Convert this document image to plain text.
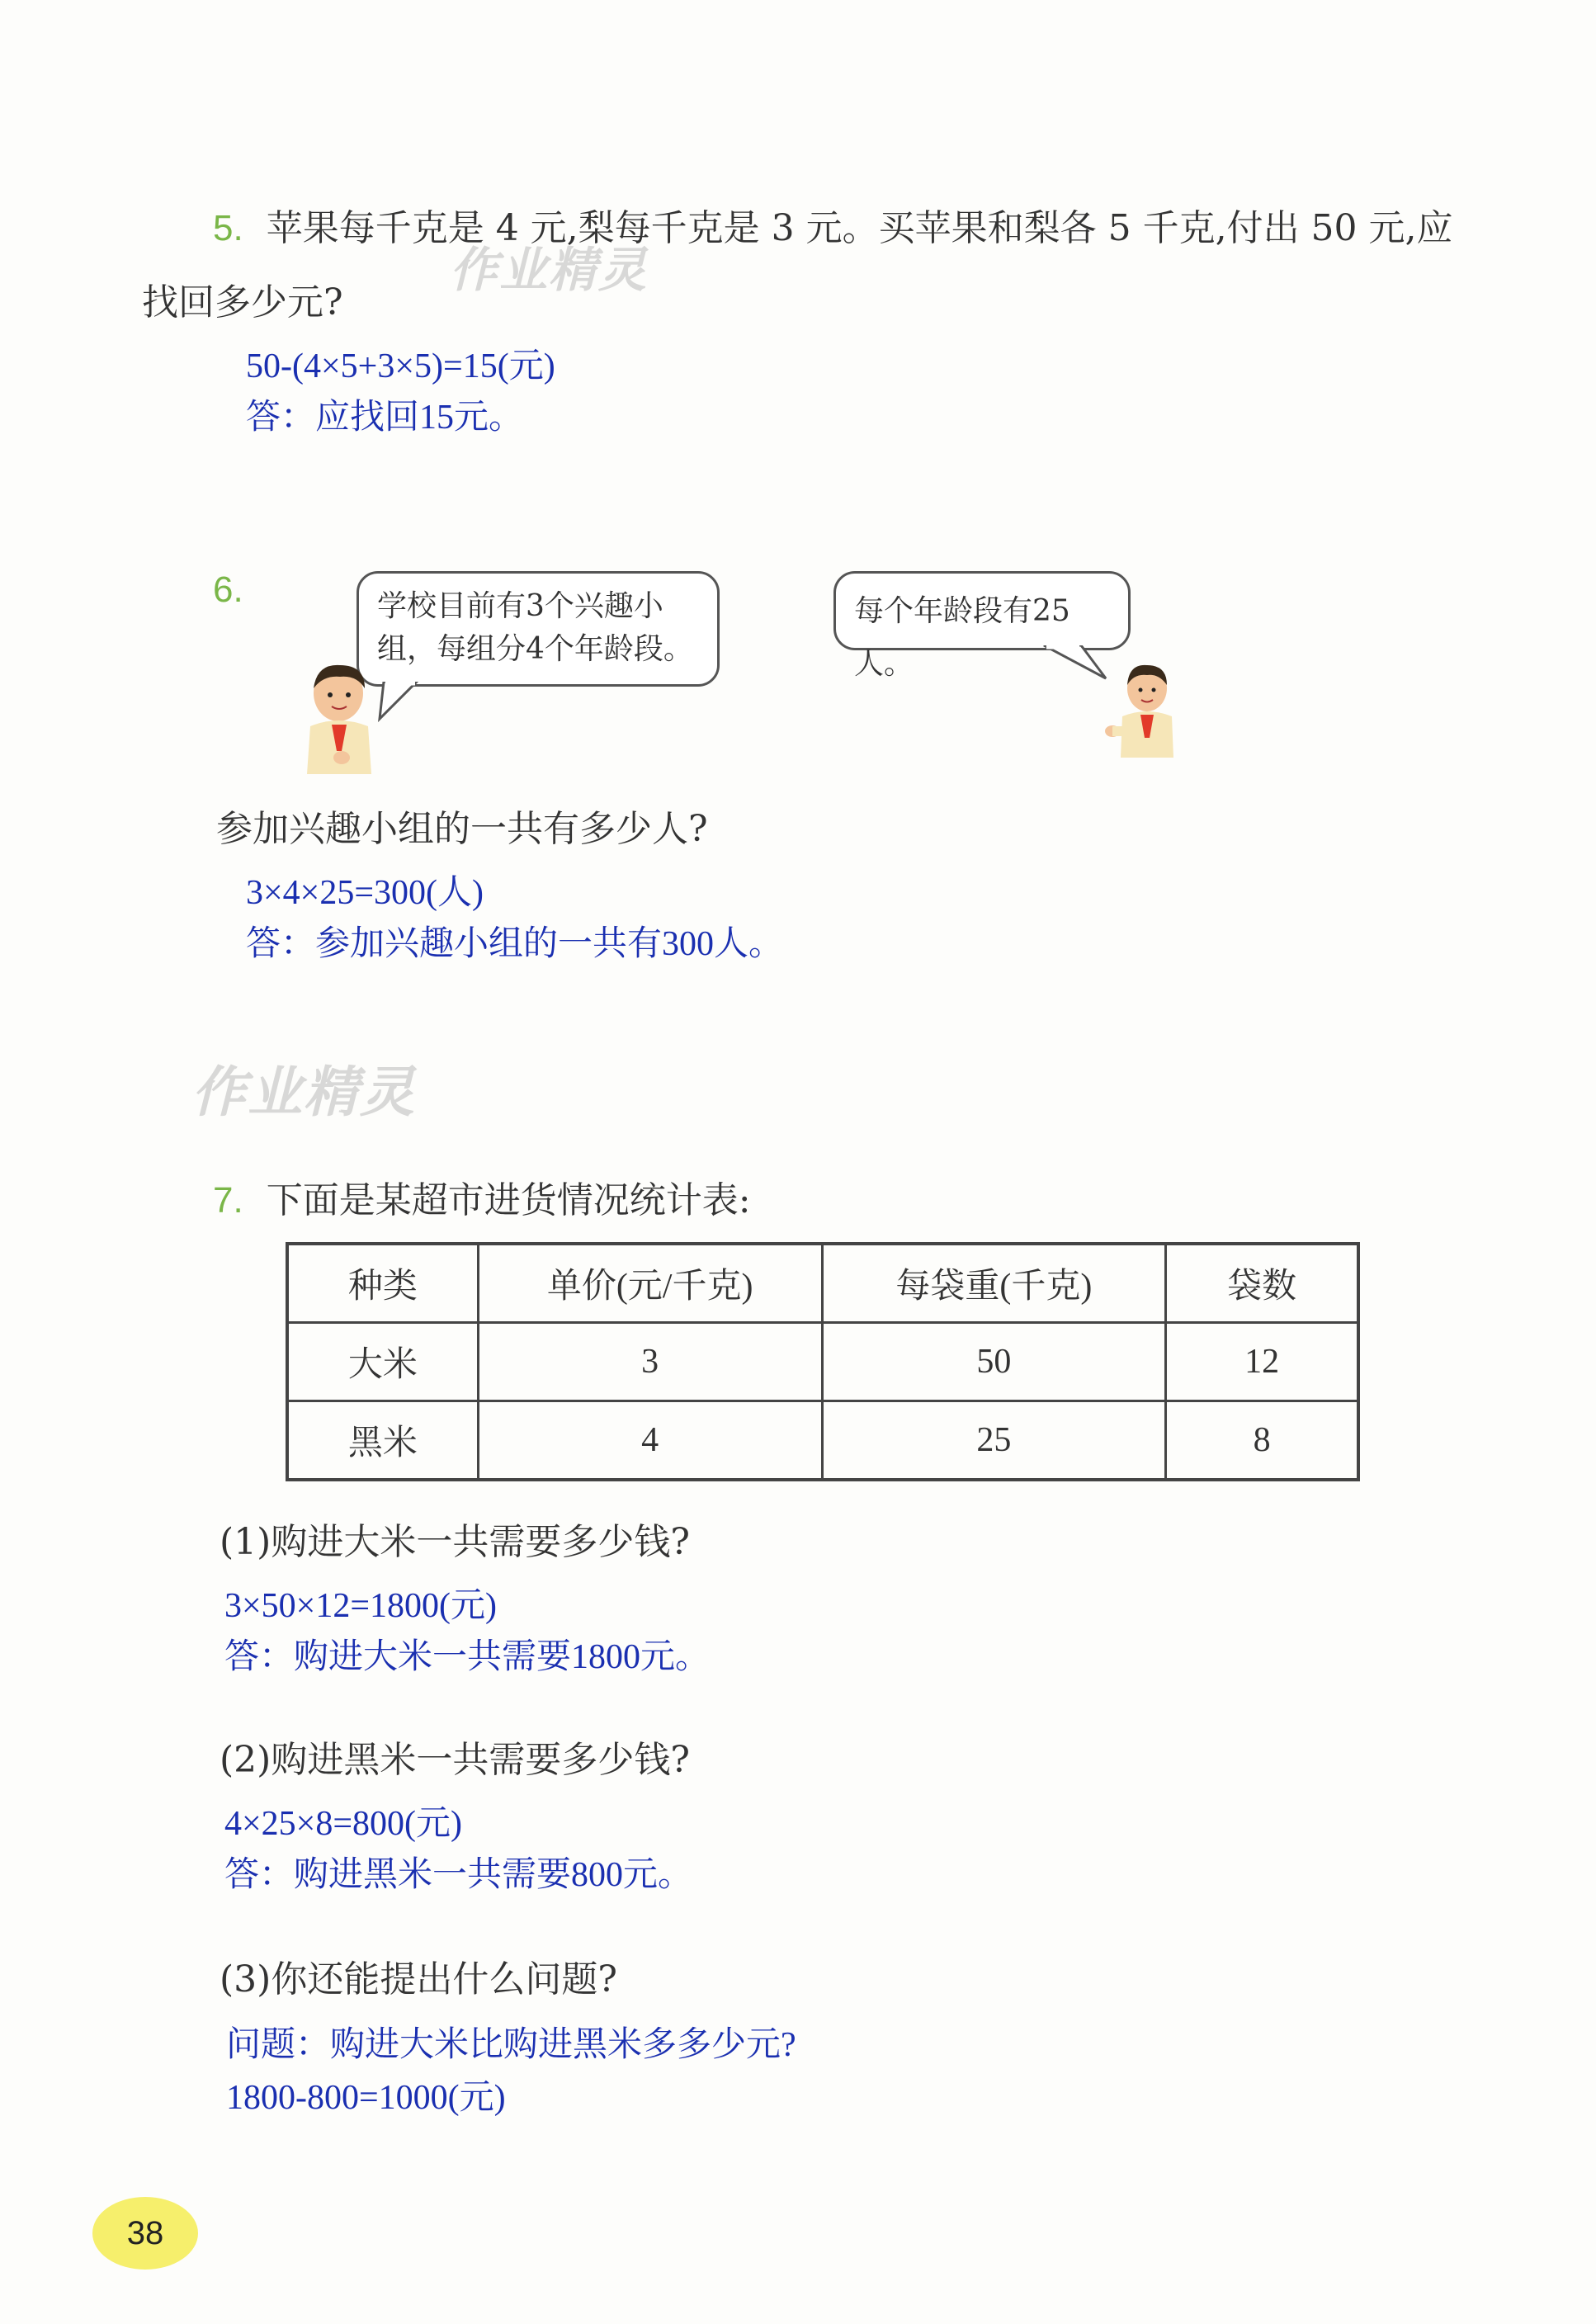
5. 苹果每千克是 4 元,梨每千克是 3 元。买苹果和梨各 5 千克,付出 50 元,应
找回多少元?
作业精灵
50-(4×5+3×5)=15(元)
答：应找回15元。
6.	学校目前有3个兴趣小
组，每组分4个年龄段。
每个年龄段有25人。
参加兴趣小组的一共有多少人?
3×4×25=300(人)
答：参加兴趣小组的一共有300人。
作业精灵
7. 下面是某超市进货情况统计表:
种类	单价(元/千克)	每袋重(千克)	袋数
大米	3	50	12
黑米	4	25	8
(1)购进大米一共需要多少钱?
3×50×12=1800(元)
答：购进大米一共需要1800元。
(2)购进黑米一共需要多少钱?
4×25×8=800(元)
答：购进黑米一共需要800元。
(3)你还能提出什么问题?
问题：购进大米比购进黑米多多少元?
1800-800=1000(元)
38
